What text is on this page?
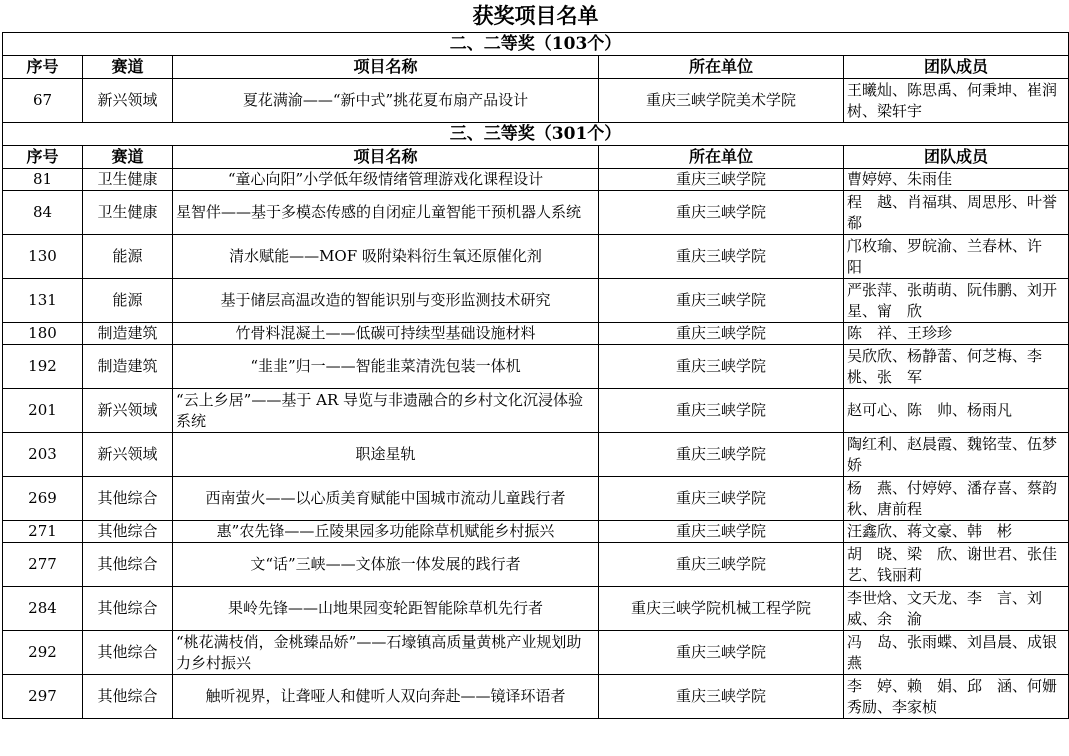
获奖项目名单				
二、二等奖（103个）				
序号	赛道	项目名称	所在单位	团队成员
67	新兴领域	夏花满渝——“新中式”挑花夏布扇产品设计	重庆三峡学院美术学院	王曦灿、陈思禹、何秉坤、崔润树、梁轩宇
三、三等奖（301个）				
序号	赛道	项目名称	所在单位	团队成员
81	卫生健康	“童心向阳”小学低年级情绪管理游戏化课程设计	重庆三峡学院	曹婷婷、朱雨佳
84	卫生健康	星智伴——基于多模态传感的自闭症儿童智能干预机器人系统	重庆三峡学院	程　越、肖福琪、周思彤、叶誉郗
130	能源	清水赋能——MOF 吸附染料衍生氧还原催化剂	重庆三峡学院	邝枚瑜、罗皖渝、兰春林、许　阳
131	能源	基于储层高温改造的智能识别与变形监测技术研究	重庆三峡学院	严张萍、张萌萌、阮伟鹏、刘开星、甯　欣
180	制造建筑	竹骨料混凝土——低碳可持续型基础设施材料	重庆三峡学院	陈　祥、王珍珍
192	制造建筑	“韭韭”归一——智能韭菜清洗包装一体机	重庆三峡学院	吴欣欣、杨静蕾、何芝梅、李　桃、张　军
201	新兴领域	“云上乡居”——基于 AR 导览与非遗融合的乡村文化沉浸体验系统	重庆三峡学院	赵可心、陈　帅、杨雨凡
203	新兴领域	职途星轨	重庆三峡学院	陶红利、赵晨霞、魏铭莹、伍梦娇
269	其他综合	西南萤火——以心质美育赋能中国城市流动儿童践行者	重庆三峡学院	杨　燕、付婷婷、潘存喜、蔡韵秋、唐前程
271	其他综合	惠”农先锋——丘陵果园多功能除草机赋能乡村振兴	重庆三峡学院	汪鑫欣、蒋文豪、韩　彬
277	其他综合	文“话”三峡——文体旅一体发展的践行者	重庆三峡学院	胡　晓、梁　欣、谢世君、张佳艺、钱丽莉
284	其他综合	果岭先锋——山地果园变轮距智能除草机先行者	重庆三峡学院机械工程学院	李世焓、文天龙、李　言、刘　威、余　渝
292	其他综合	“桃花满枝俏，金桃臻品娇”——石壕镇高质量黄桃产业规划助力乡村振兴	重庆三峡学院	冯　岛、张雨蝶、刘昌晨、成银燕
297	其他综合	触听视界，让聋哑人和健听人双向奔赴——镜译环语者	重庆三峡学院	李　婷、赖　娟、邱　涵、何姗秀励、李家桢
